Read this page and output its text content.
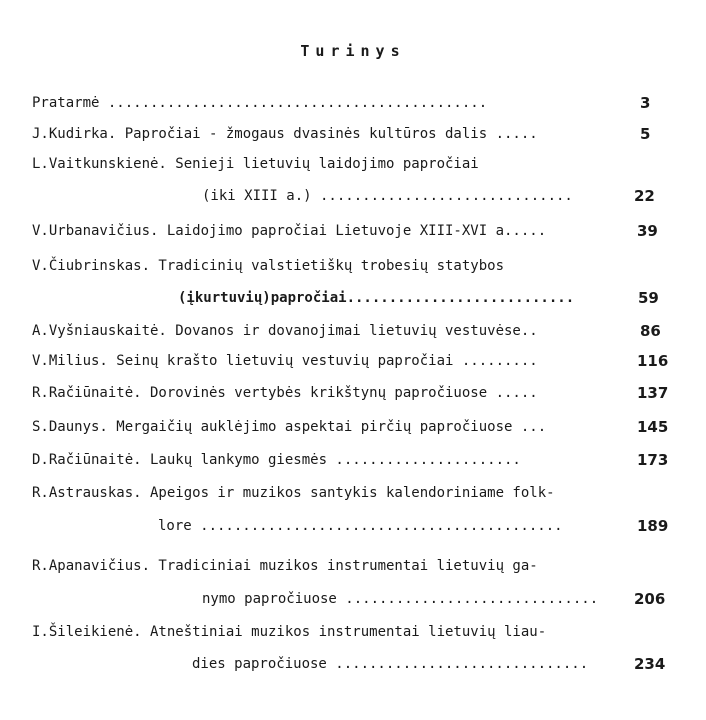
Turinys
Pratarmė .............................................	3
J.Kudirka. Papročiai - žmogaus dvasinės kultūros dalis .....	5
L.Vaitkunskienė. Senieji lietuvių laidojimo papročiai
(iki XIII a.) ..............................	22
V.Urbanavičius. Laidojimo papročiai Lietuvoje XIII-XVI a.....	39
V.Čiubrinskas. Tradicinių valstietiškų trobesių statybos
(įkurtuvių)papročiai...........................	59
A.Vyšniauskaitė. Dovanos ir dovanojimai lietuvių vestuvėse..	86
V.Milius. Seinų krašto lietuvių vestuvių papročiai .........	116
R.Račiūnaitė. Dorovinės vertybės krikštynų papročiuose .....	137
S.Daunys. Mergaičių auklėjimo aspektai pirčių papročiuose ...	145
D.Račiūnaitė. Laukų lankymo giesmės ......................	173
R.Astrauskas. Apeigos ir muzikos santykis kalendoriniame folk-
lore ...........................................	189
R.Apanavičius. Tradiciniai muzikos instrumentai lietuvių ga-
nymo papročiuose .............................. 206
I.Šileikienė. Atneštiniai muzikos instrumentai lietuvių liau-
dies papročiuose ..............................	234
